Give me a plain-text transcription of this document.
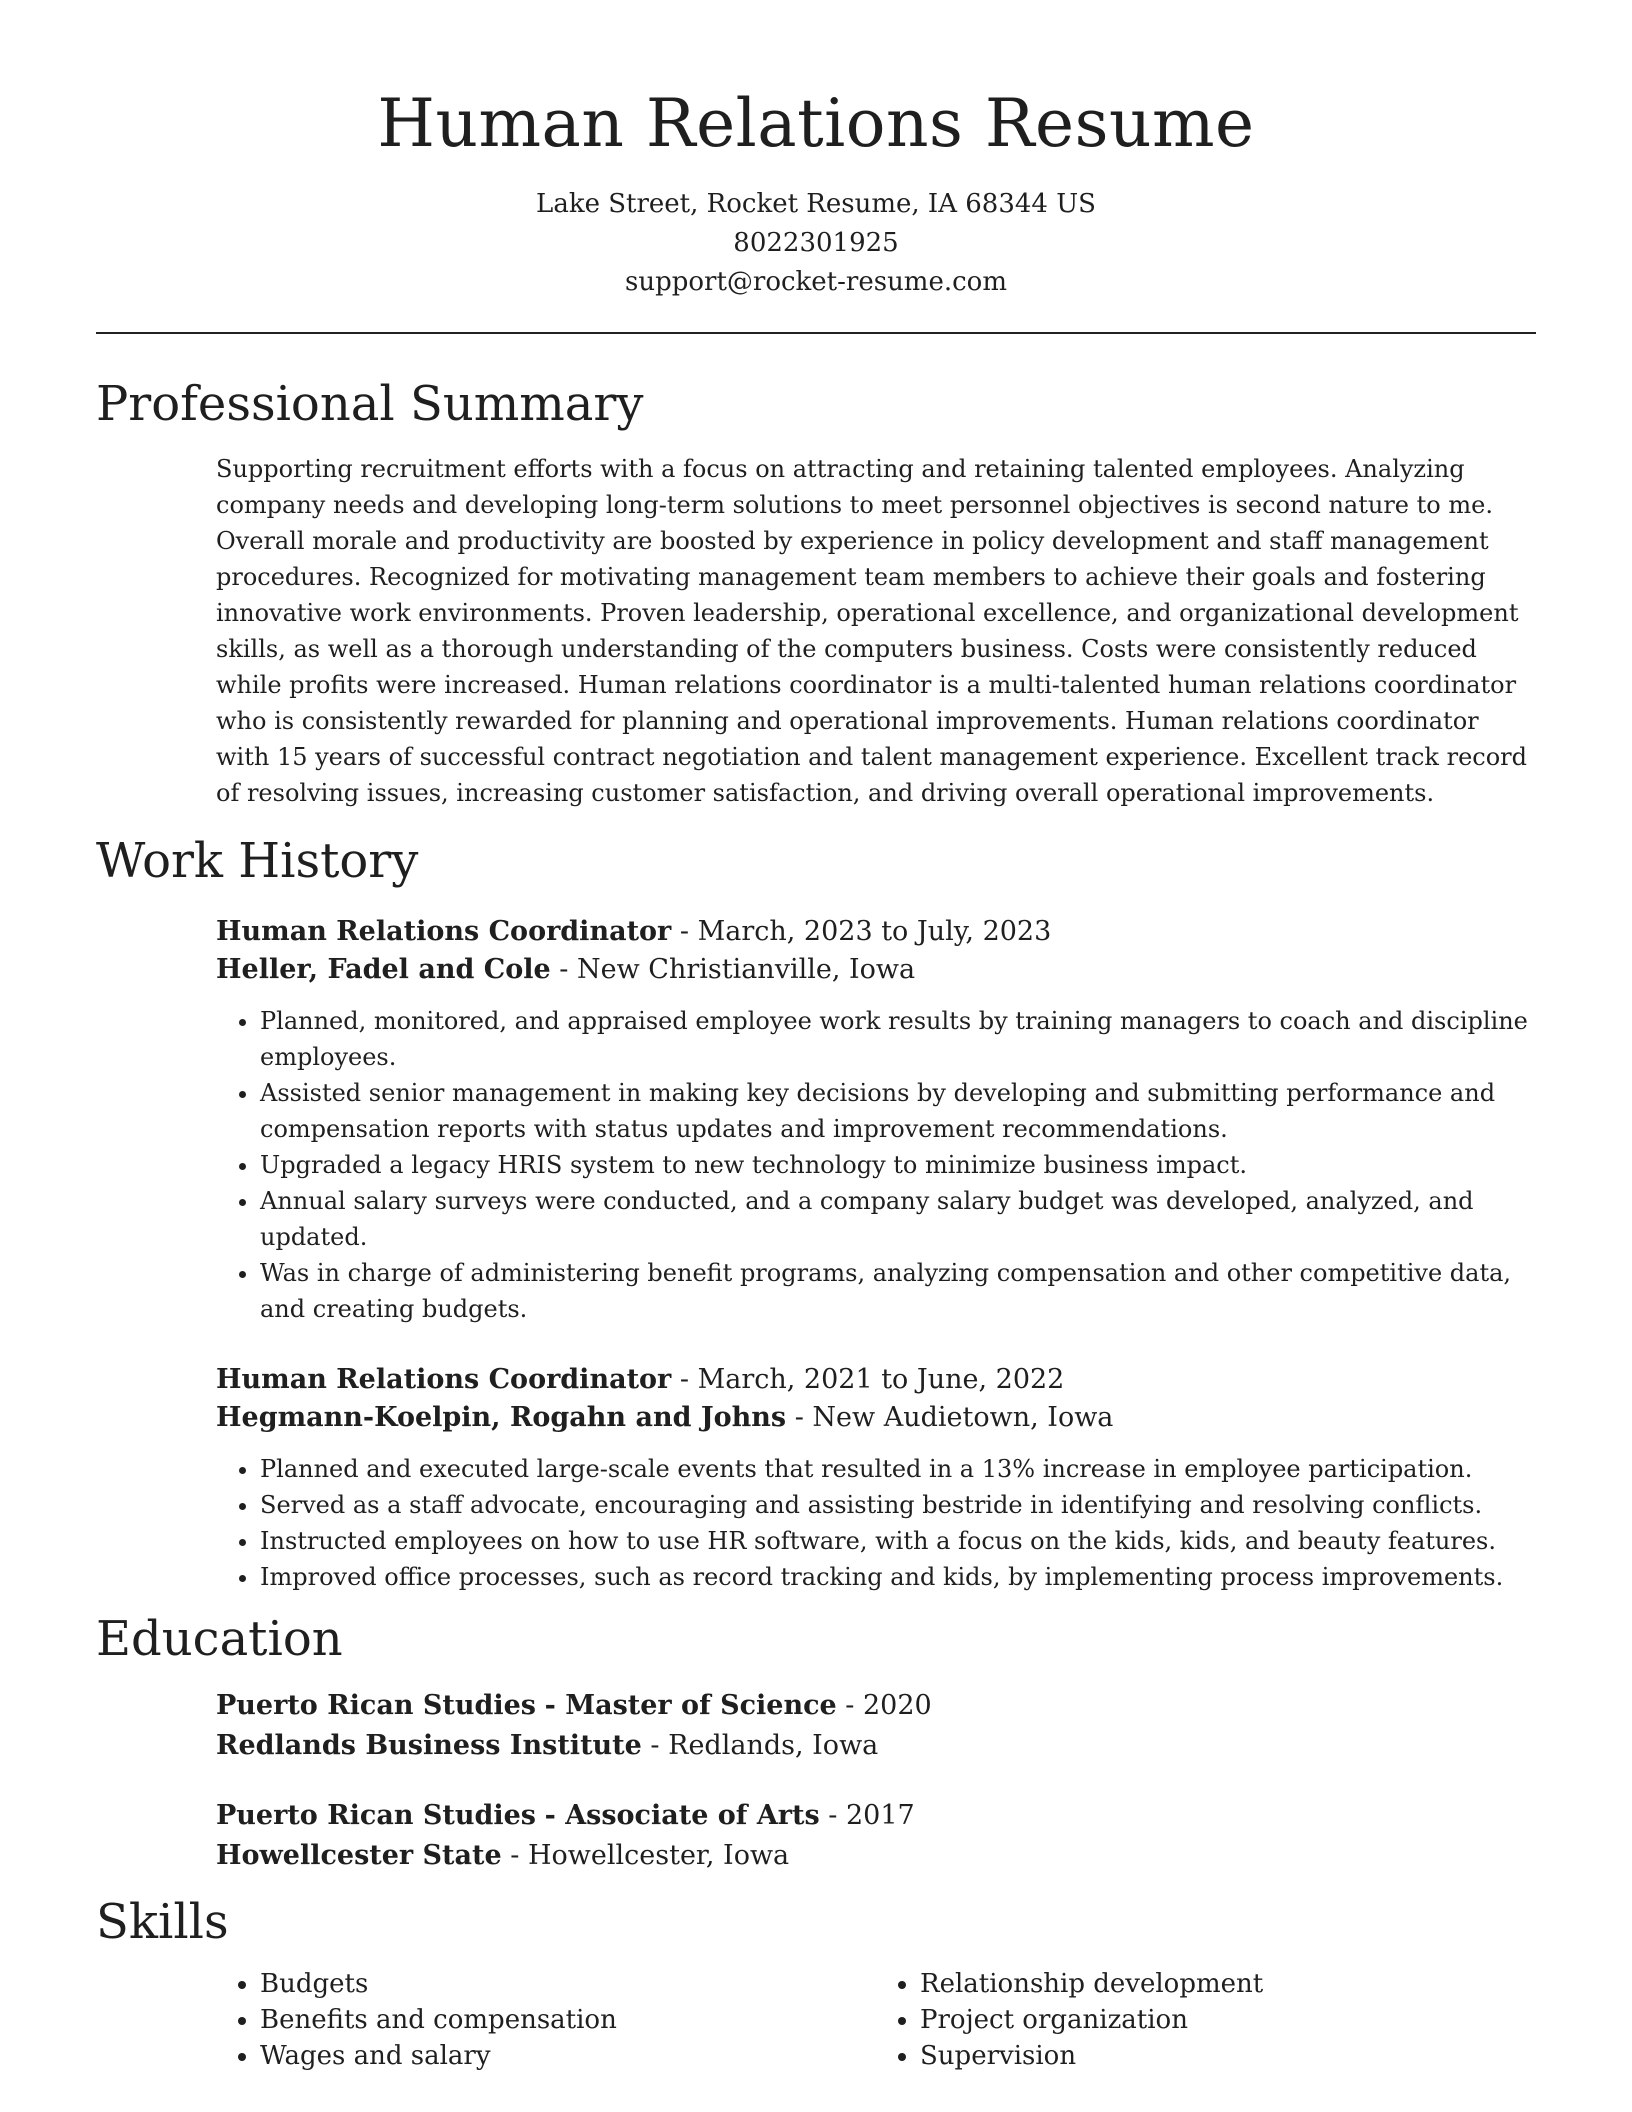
Human Relations Resume
Lake Street, Rocket Resume, IA 68344 US
8022301925
support@rocket-resume.com
Professional Summary

Supporting recruitment efforts with a focus on attracting and retaining talented employees. Analyzing company needs and developing long-term solutions to meet personnel objectives is second nature to me. Overall morale and productivity are boosted by experience in policy development and staff management procedures. Recognized for motivating management team members to achieve their goals and fostering innovative work environments. Proven leadership, operational excellence, and organizational development skills, as well as a thorough understanding of the computers business. Costs were consistently reduced while profits were increased. Human relations coordinator is a multi-talented human relations coordinator who is consistently rewarded for planning and operational improvements. Human relations coordinator with 15 years of successful contract negotiation and talent management experience. Excellent track record of resolving issues, increasing customer satisfaction, and driving overall operational improvements.

Work History
Human Relations Coordinator - March, 2023 to July, 2023
Heller, Fadel and Cole - New Christianville, Iowa
• Planned, monitored, and appraised employee work results by training managers to coach and discipline employees.
• Assisted senior management in making key decisions by developing and submitting performance and compensation reports with status updates and improvement recommendations.
• Upgraded a legacy HRIS system to new technology to minimize business impact.
• Annual salary surveys were conducted, and a company salary budget was developed, analyzed, and updated.
• Was in charge of administering benefit programs, analyzing compensation and other competitive data, and creating budgets.
Human Relations Coordinator - March, 2021 to June, 2022
Hegmann-Koelpin, Rogahn and Johns - New Audietown, Iowa
• Planned and executed large-scale events that resulted in a 13% increase in employee participation.
• Served as a staff advocate, encouraging and assisting bestride in identifying and resolving conflicts.
• Instructed employees on how to use HR software, with a focus on the kids, kids, and beauty features.
• Improved office processes, such as record tracking and kids, by implementing process improvements.
Education
Puerto Rican Studies - Master of Science - 2020
Redlands Business Institute - Redlands, Iowa
Puerto Rican Studies - Associate of Arts - 2017
Howellcester State - Howellcester, Iowa
Skills
• Budgets
• Benefits and compensation
• Wages and salary
• Relationship development
• Project organization
• Supervision
